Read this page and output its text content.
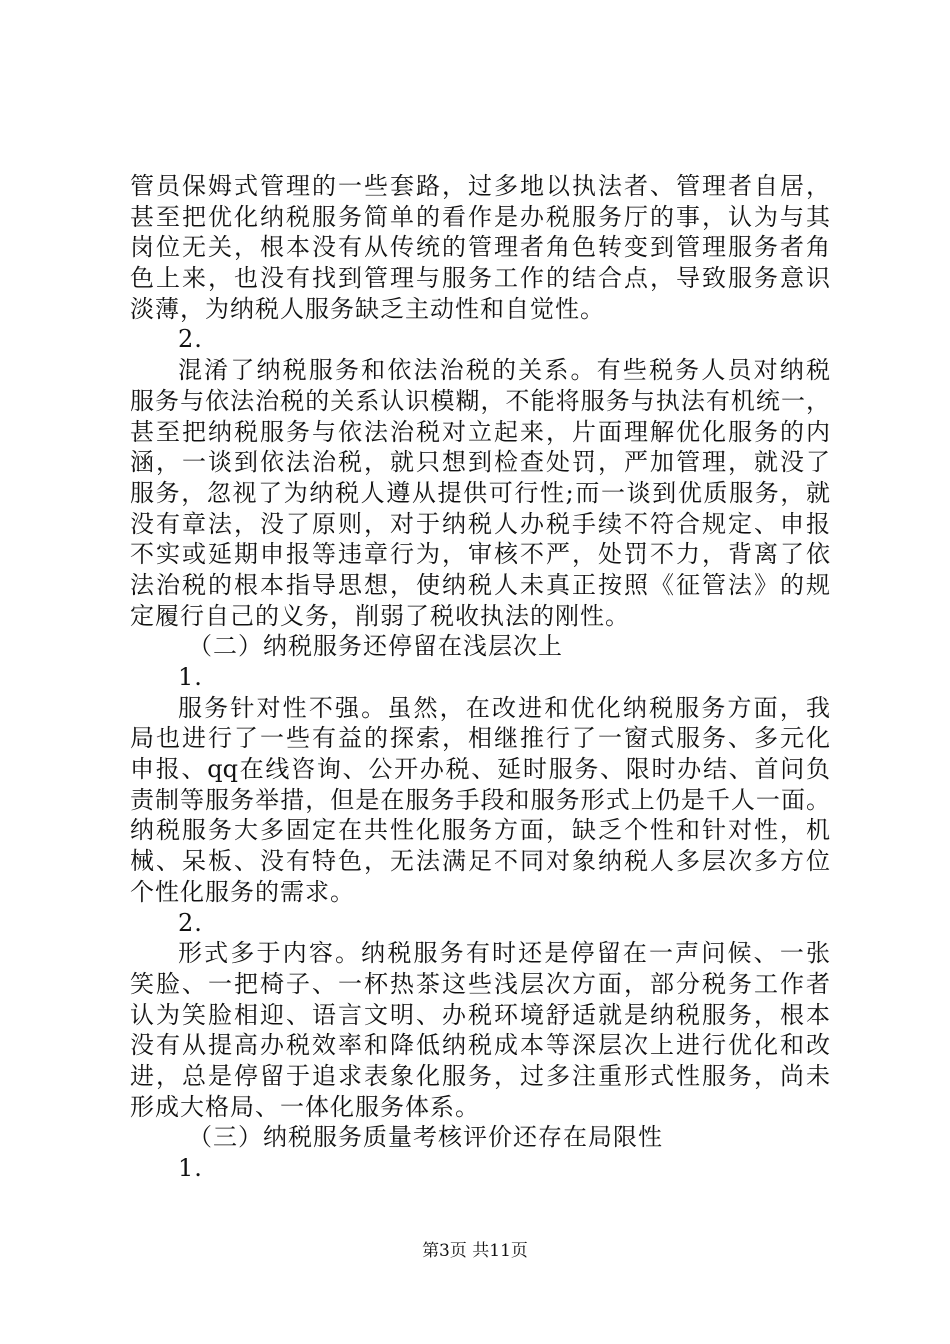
管员保姆式管理的一些套路，过多地以执法者、管理者自居，
甚至把优化纳税服务简单的看作是办税服务厅的事，认为与其
岗位无关，根本没有从传统的管理者角色转变到管理服务者角
色上来，也没有找到管理与服务工作的结合点，导致服务意识
淡薄，为纳税人服务缺乏主动性和自觉性。
2.
混淆了纳税服务和依法治税的关系。有些税务人员对纳税
服务与依法治税的关系认识模糊，不能将服务与执法有机统一，
甚至把纳税服务与依法治税对立起来，片面理解优化服务的内
涵，一谈到依法治税，就只想到检查处罚，严加管理，就没了
服务，忽视了为纳税人遵从提供可行性;而一谈到优质服务，就
没有章法，没了原则，对于纳税人办税手续不符合规定、申报
不实或延期申报等违章行为，审核不严，处罚不力，背离了依
法治税的根本指导思想，使纳税人未真正按照《征管法》的规
定履行自己的义务，削弱了税收执法的刚性。
（二）纳税服务还停留在浅层次上
1.
服务针对性不强。虽然，在改进和优化纳税服务方面，我
局也进行了一些有益的探索，相继推行了一窗式服务、多元化
申报、qq在线咨询、公开办税、延时服务、限时办结、首问负
责制等服务举措，但是在服务手段和服务形式上仍是千人一面。
纳税服务大多固定在共性化服务方面，缺乏个性和针对性，机
械、呆板、没有特色，无法满足不同对象纳税人多层次多方位
个性化服务的需求。
2.
形式多于内容。纳税服务有时还是停留在一声问候、一张
笑脸、一把椅子、一杯热茶这些浅层次方面，部分税务工作者
认为笑脸相迎、语言文明、办税环境舒适就是纳税服务，根本
没有从提高办税效率和降低纳税成本等深层次上进行优化和改
进，总是停留于追求表象化服务，过多注重形式性服务，尚未
形成大格局、一体化服务体系。
（三）纳税服务质量考核评价还存在局限性
1.
第3页 共11页
